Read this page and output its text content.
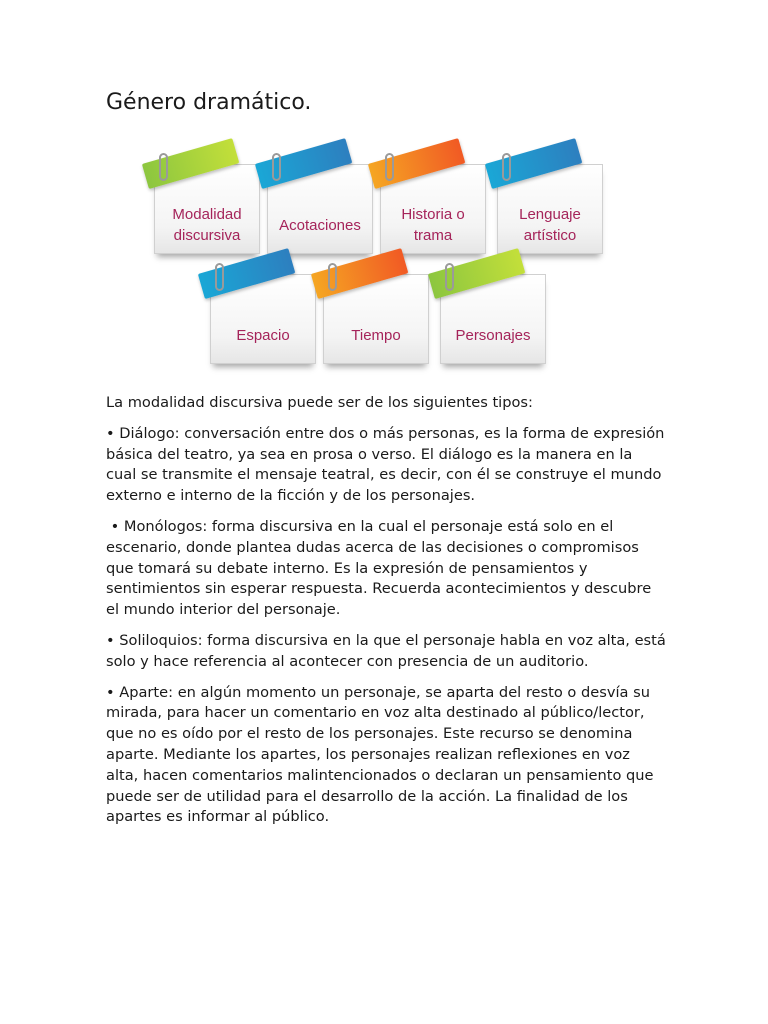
Género dramático.
Modalidad discursiva
Acotaciones
Historia o trama
Lenguaje artístico
Espacio	Tiempo	Personajes

La modalidad discursiva puede ser de los siguientes tipos:

• Diálogo: conversación entre dos o más personas, es la forma de expresión básica del teatro, ya sea en prosa o verso. El diálogo es la manera en la cual se transmite el mensaje teatral, es decir, con él se construye el mundo externo e interno de la ficción y de los personajes.

• Monólogos: forma discursiva en la cual el personaje está solo en el escenario, donde plantea dudas acerca de las decisiones o compromisos que tomará su debate interno. Es la expresión de pensamientos y sentimientos sin esperar respuesta. Recuerda acontecimientos y descubre el mundo interior del personaje.

• Soliloquios: forma discursiva en la que el personaje habla en voz alta, está solo y hace referencia al acontecer con presencia de un auditorio.

• Aparte: en algún momento un personaje, se aparta del resto o desvía su mirada, para hacer un comentario en voz alta destinado al público/lector, que no es oído por el resto de los personajes. Este recurso se denomina aparte. Mediante los apartes, los personajes realizan reflexiones en voz alta, hacen comentarios malintencionados o declaran un pensamiento que puede ser de utilidad para el desarrollo de la acción. La finalidad de los apartes es informar al público.
